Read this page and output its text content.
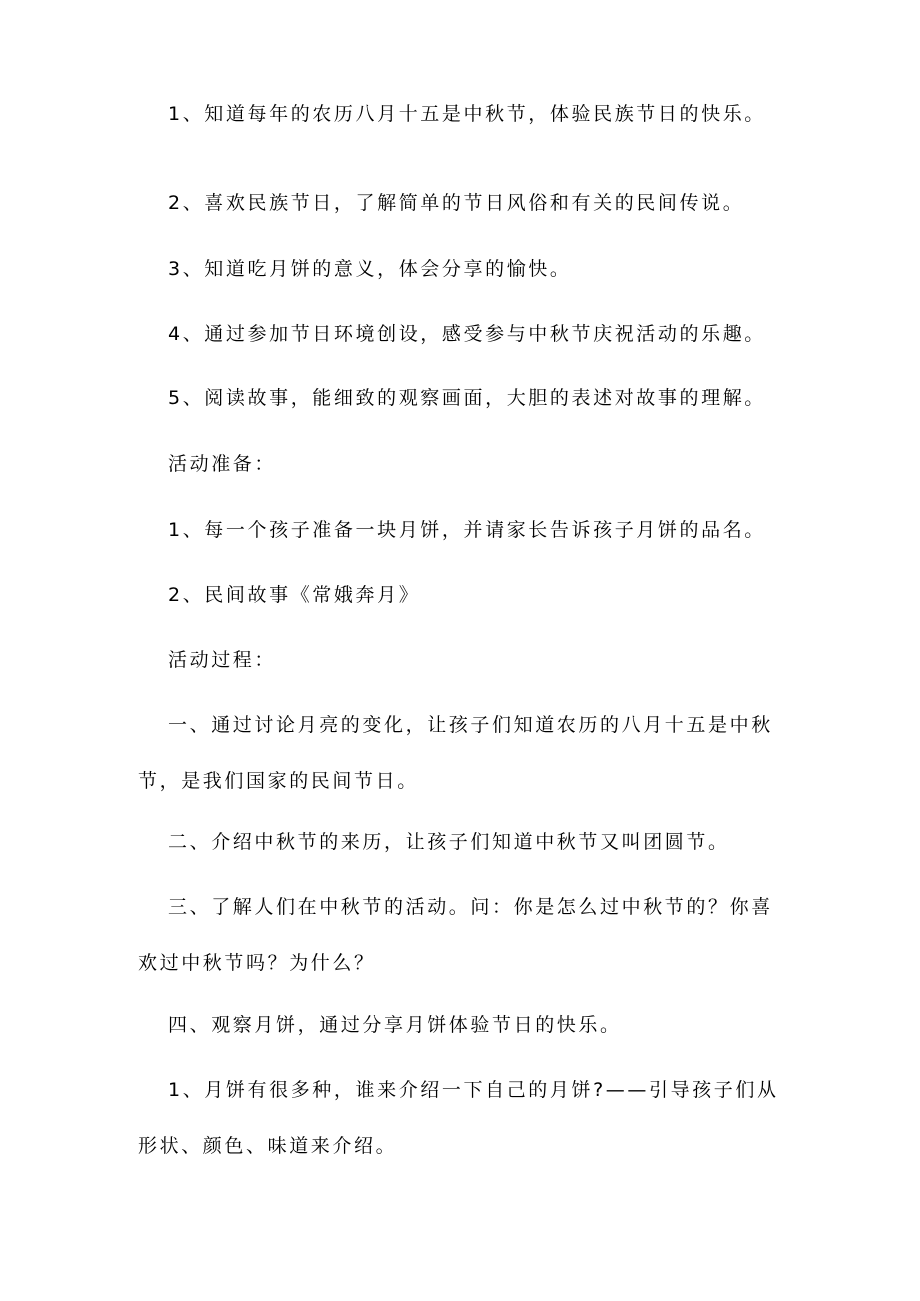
1、知道每年的农历八月十五是中秋节，体验民族节日的快乐。

2、喜欢民族节日，了解简单的节日风俗和有关的民间传说。

3、知道吃月饼的意义，体会分享的愉快。

4、通过参加节日环境创设，感受参与中秋节庆祝活动的乐趣。

5、阅读故事，能细致的观察画面，大胆的表述对故事的理解。

活动准备：

1、每一个孩子准备一块月饼，并请家长告诉孩子月饼的品名。

2、民间故事《常娥奔月》

活动过程：

一、通过讨论月亮的变化，让孩子们知道农历的八月十五是中秋节，是我们国家的民间节日。

二、介绍中秋节的来历，让孩子们知道中秋节又叫团圆节。

三、了解人们在中秋节的活动。问：你是怎么过中秋节的？你喜欢过中秋节吗？为什么？

四、观察月饼，通过分享月饼体验节日的快乐。

1、月饼有很多种，谁来介绍一下自己的月饼?——引导孩子们从形状、颜色、味道来介绍。
